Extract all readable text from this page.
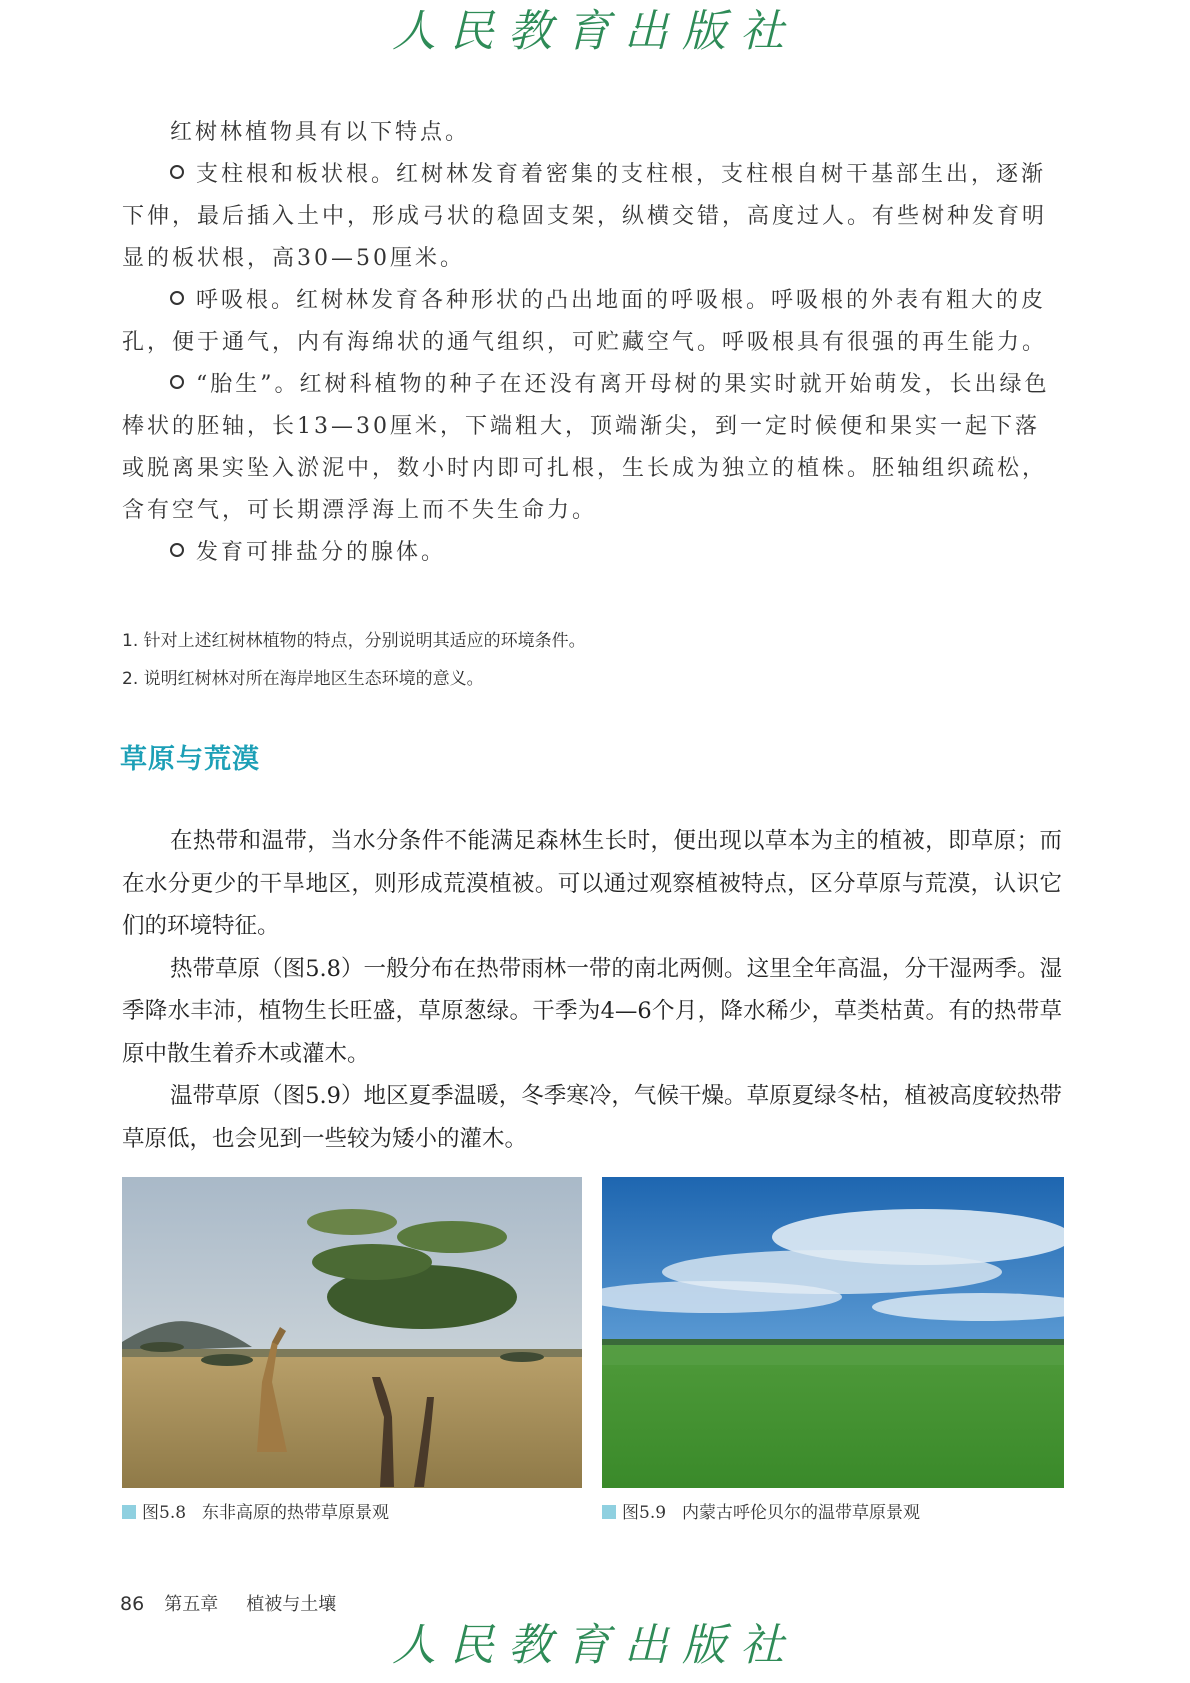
人民教育出版社

红树林植物具有以下特点。

支柱根和板状根。红树林发育着密集的支柱根，支柱根自树干基部生出，逐渐下伸，最后插入土中，形成弓状的稳固支架，纵横交错，高度过人。有些树种发育明显的板状根，高30—50厘米。

呼吸根。红树林发育各种形状的凸出地面的呼吸根。呼吸根的外表有粗大的皮孔，便于通气，内有海绵状的通气组织，可贮藏空气。呼吸根具有很强的再生能力。

“胎生”。红树科植物的种子在还没有离开母树的果实时就开始萌发，长出绿色棒状的胚轴，长13—30厘米，下端粗大，顶端渐尖，到一定时候便和果实一起下落或脱离果实坠入淤泥中，数小时内即可扎根，生长成为独立的植株。胚轴组织疏松，含有空气，可长期漂浮海上而不失生命力。

发育可排盐分的腺体。

1. 针对上述红树林植物的特点，分别说明其适应的环境条件。

2. 说明红树林对所在海岸地区生态环境的意义。

草原与荒漠

在热带和温带，当水分条件不能满足森林生长时，便出现以草本为主的植被，即草原；而在水分更少的干旱地区，则形成荒漠植被。可以通过观察植被特点，区分草原与荒漠，认识它们的环境特征。

热带草原（图5.8）一般分布在热带雨林一带的南北两侧。这里全年高温，分干湿两季。湿季降水丰沛，植物生长旺盛，草原葱绿。干季为4—6个月，降水稀少，草类枯黄。有的热带草原中散生着乔木或灌木。

温带草原（图5.9）地区夏季温暖，冬季寒冷，气候干燥。草原夏绿冬枯，植被高度较热带草原低，也会见到一些较为矮小的灌木。

图5.8 东非高原的热带草原景观	图5.9 内蒙古呼伦贝尔的温带草原景观
86 第五章 植被与土壤
人民教育出版社
